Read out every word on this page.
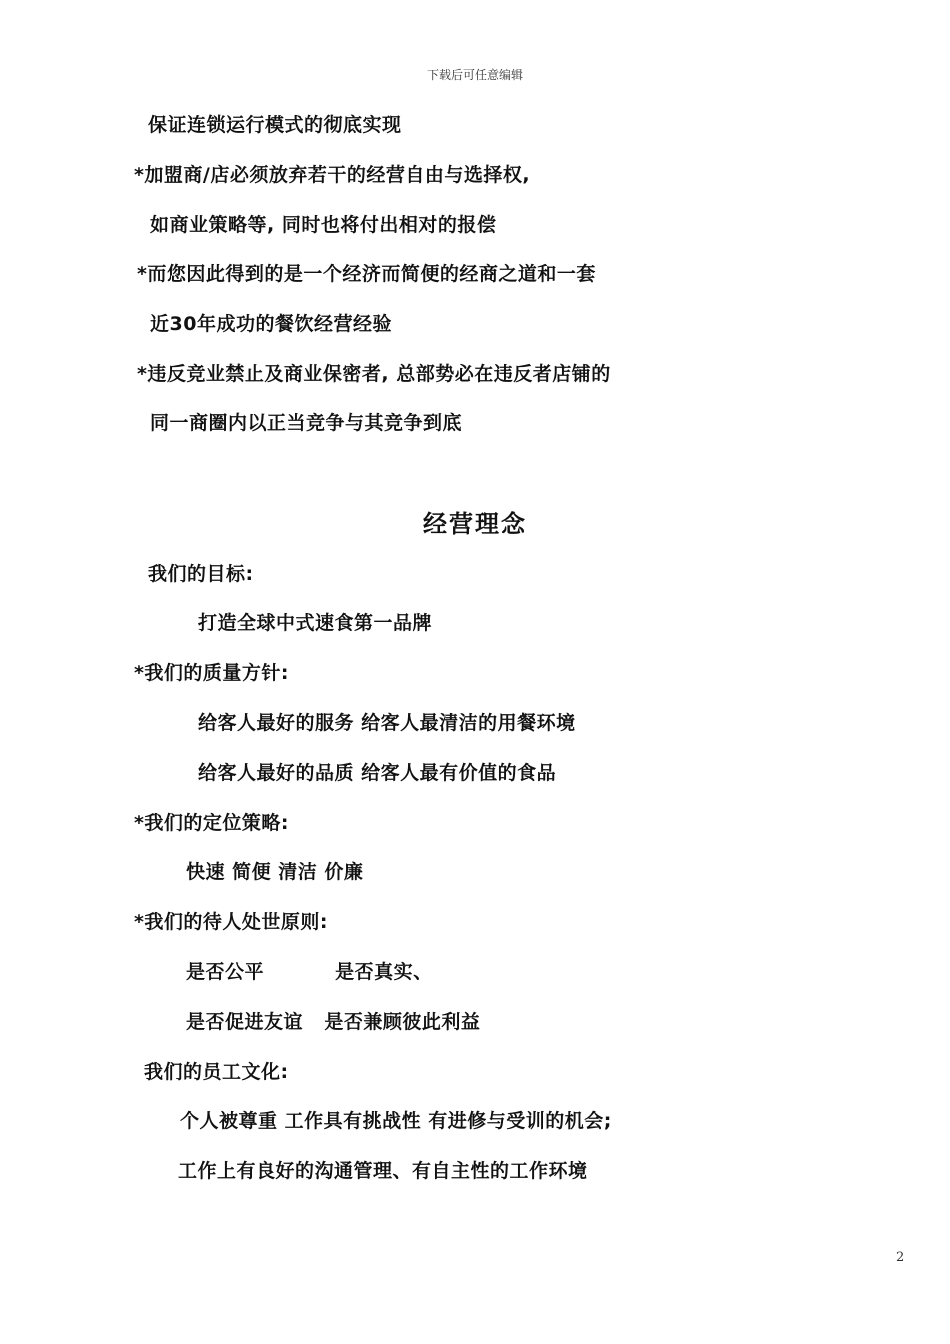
下载后可任意编辑
保证连锁运行模式的彻底实现
*加盟商/店必须放弃若干的经营自由与选择权,
如商业策略等, 同时也将付出相对的报偿
*而您因此得到的是一个经济而简便的经商之道和一套
近30年成功的餐饮经营经验
*违反竞业禁止及商业保密者, 总部势必在违反者店铺的
同一商圈内以正当竞争与其竞争到底
经营理念
我们的目标:
打造全球中式速食第一品牌
*我们的质量方针:
给客人最好的服务 给客人最清洁的用餐环境
给客人最好的品质 给客人最有价值的食品
*我们的定位策略:
快速 简便 清洁 价廉
*我们的待人处世原则:
是否公平          是否真实、
是否促进友谊   是否兼顾彼此利益
我们的员工文化:
个人被尊重 工作具有挑战性 有进修与受训的机会;
工作上有良好的沟通管理、有自主性的工作环境
2
